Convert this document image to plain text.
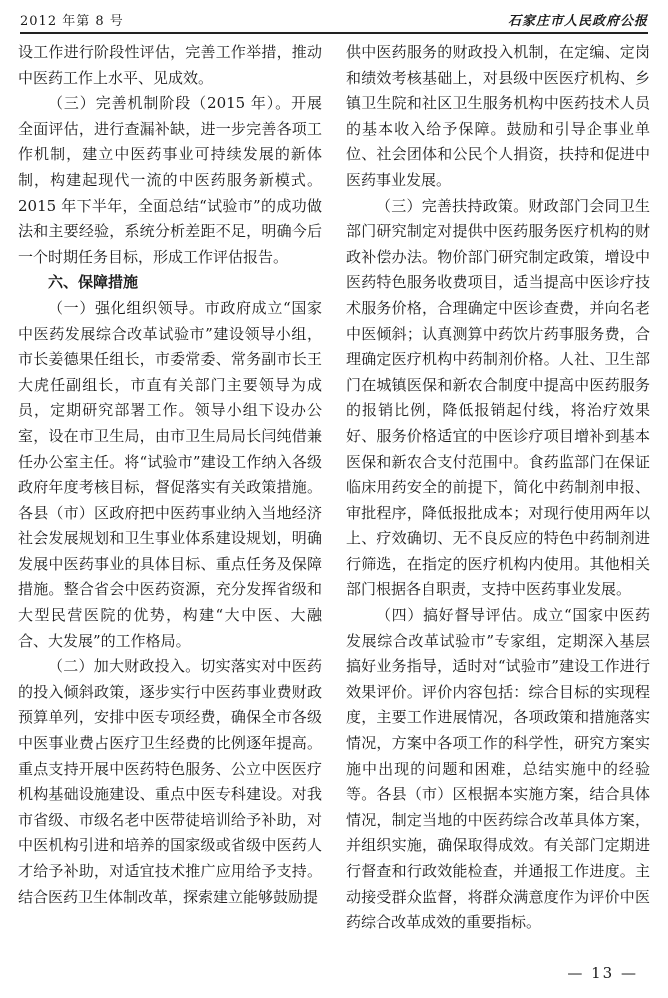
2012 年第 8 号	石家庄市人民政府公报

设工作进行阶段性评估，完善工作举措，推动中医药工作上水平、见成效。

（三）完善机制阶段（2015 年）。开展全面评估，进行查漏补缺，进一步完善各项工作机制，建立中医药事业可持续发展的新体制，构建起现代一流的中医药服务新模式。2015 年下半年，全面总结“试验市”的成功做法和主要经验，系统分析差距不足，明确今后一个时期任务目标，形成工作评估报告。

六、保障措施

（一）强化组织领导。市政府成立“国家中医药发展综合改革试验市”建设领导小组，市长姜德果任组长，市委常委、常务副市长王大虎任副组长，市直有关部门主要领导为成员，定期研究部署工作。领导小组下设办公室，设在市卫生局，由市卫生局局长闫纯借兼任办公室主任。将“试验市”建设工作纳入各级政府年度考核目标，督促落实有关政策措施。各县（市）区政府把中医药事业纳入当地经济社会发展规划和卫生事业体系建设规划，明确发展中医药事业的具体目标、重点任务及保障措施。整合省会中医药资源，充分发挥省级和大型民营医院的优势，构建“大中医、大融合、大发展”的工作格局。

（二）加大财政投入。切实落实对中医药的投入倾斜政策，逐步实行中医药事业费财政预算单列，安排中医专项经费，确保全市各级中医事业费占医疗卫生经费的比例逐年提高。重点支持开展中医药特色服务、公立中医医疗机构基础设施建设、重点中医专科建设。对我市省级、市级名老中医带徒培训给予补助，对中医机构引进和培养的国家级或省级中医药人才给予补助，对适宜技术推广应用给予支持。结合医药卫生体制改革，探索建立能够鼓励提

供中医药服务的财政投入机制，在定编、定岗和绩效考核基础上，对县级中医医疗机构、乡镇卫生院和社区卫生服务机构中医药技术人员的基本收入给予保障。鼓励和引导企事业单位、社会团体和公民个人捐资，扶持和促进中医药事业发展。

（三）完善扶持政策。财政部门会同卫生部门研究制定对提供中医药服务医疗机构的财政补偿办法。物价部门研究制定政策，增设中医药特色服务收费项目，适当提高中医诊疗技术服务价格，合理确定中医诊查费，并向名老中医倾斜；认真测算中药饮片药事服务费，合理确定医疗机构中药制剂价格。人社、卫生部门在城镇医保和新农合制度中提高中医药服务的报销比例，降低报销起付线，将治疗效果好、服务价格适宜的中医诊疗项目增补到基本医保和新农合支付范围中。食药监部门在保证临床用药安全的前提下，简化中药制剂申报、审批程序，降低报批成本；对现行使用两年以上、疗效确切、无不良反应的特色中药制剂进行筛选，在指定的医疗机构内使用。其他相关部门根据各自职责，支持中医药事业发展。

（四）搞好督导评估。成立“国家中医药发展综合改革试验市”专家组，定期深入基层搞好业务指导，适时对“试验市”建设工作进行效果评价。评价内容包括：综合目标的实现程度，主要工作进展情况，各项政策和措施落实情况，方案中各项工作的科学性，研究方案实施中出现的问题和困难，总结实施中的经验等。各县（市）区根据本实施方案，结合具体情况，制定当地的中医药综合改革具体方案，并组织实施，确保取得成效。有关部门定期进行督查和行政效能检查，并通报工作进度。主动接受群众监督，将群众满意度作为评价中医药综合改革成效的重要指标。

— 13 —
